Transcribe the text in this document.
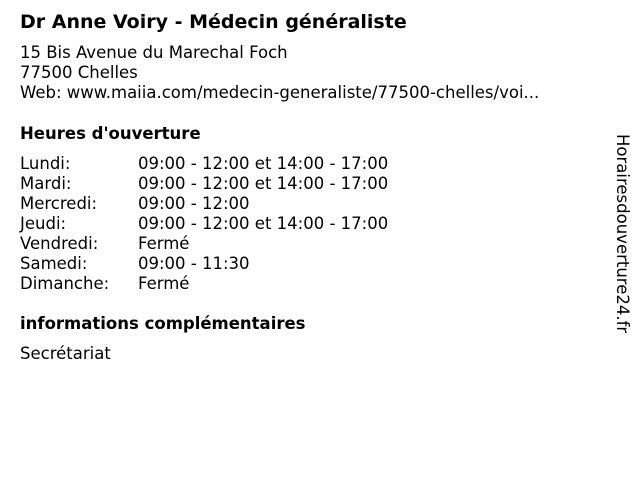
Dr Anne Voiry - Médecin généraliste
15 Bis Avenue du Marechal Foch
77500 Chelles
Web: www.maiia.com/medecin-generaliste/77500-chelles/voi...
Heures d'ouverture
Lundi:	09:00 - 12:00 et 14:00 - 17:00
Mardi:	09:00 - 12:00 et 14:00 - 17:00
Mercredi: 09:00 - 12:00
Jeudi:	09:00 - 12:00 et 14:00 - 17:00
Vendredi: Fermé
Samedi:	09:00 - 11:30
Dimanche: Fermé
informations complémentaires
Secrétariat
Horairesdouverture24.fr
